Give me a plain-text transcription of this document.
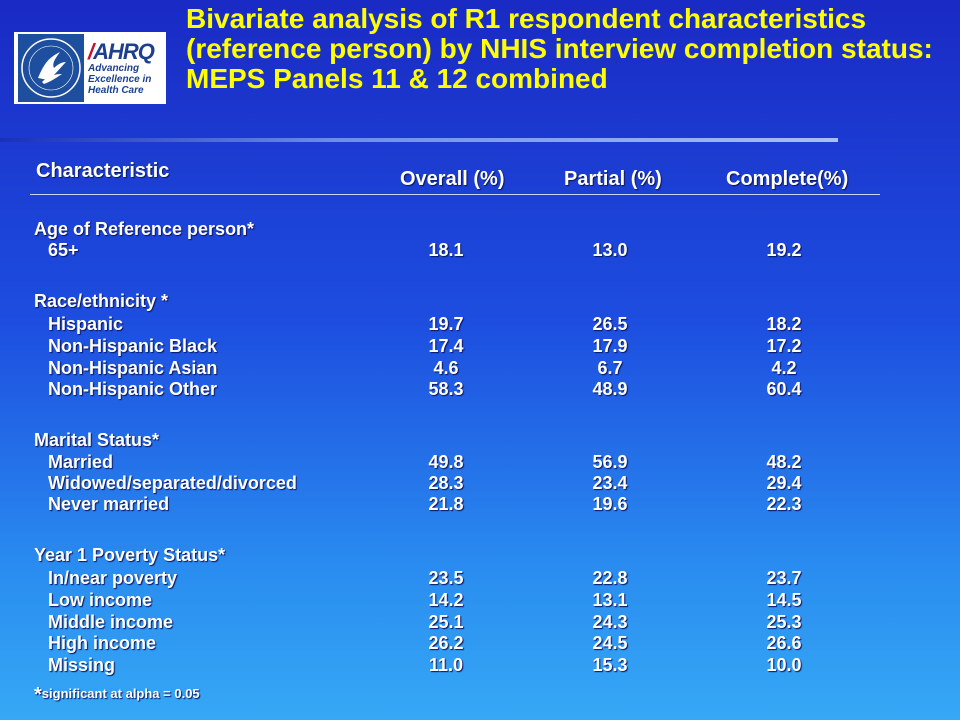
/AHRQ
Advancing
Excellence in
Health Care
Bivariate analysis of R1 respondent characteristics (reference person) by NHIS interview completion status: MEPS Panels 11 & 12 combined
Characteristic	Overall (%)	Partial (%)	Complete(%)
Age of Reference person*
65+	18.1	13.0	19.2
Race/ethnicity *
Hispanic	19.7	26.5	18.2
Non-Hispanic Black	17.4	17.9	17.2
Non-Hispanic Asian	4.6	6.7	4.2
Non-Hispanic Other	58.3	48.9	60.4
Marital Status*
Married	49.8	56.9	48.2
Widowed/separated/divorced	28.3	23.4	29.4
Never married	21.8	19.6	22.3
Year 1 Poverty Status*
In/near poverty	23.5	22.8	23.7
Low income	14.2	13.1	14.5
Middle income	25.1	24.3	25.3
High income	26.2	24.5	26.6
Missing	11.0	15.3	10.0
*significant at alpha = 0.05
